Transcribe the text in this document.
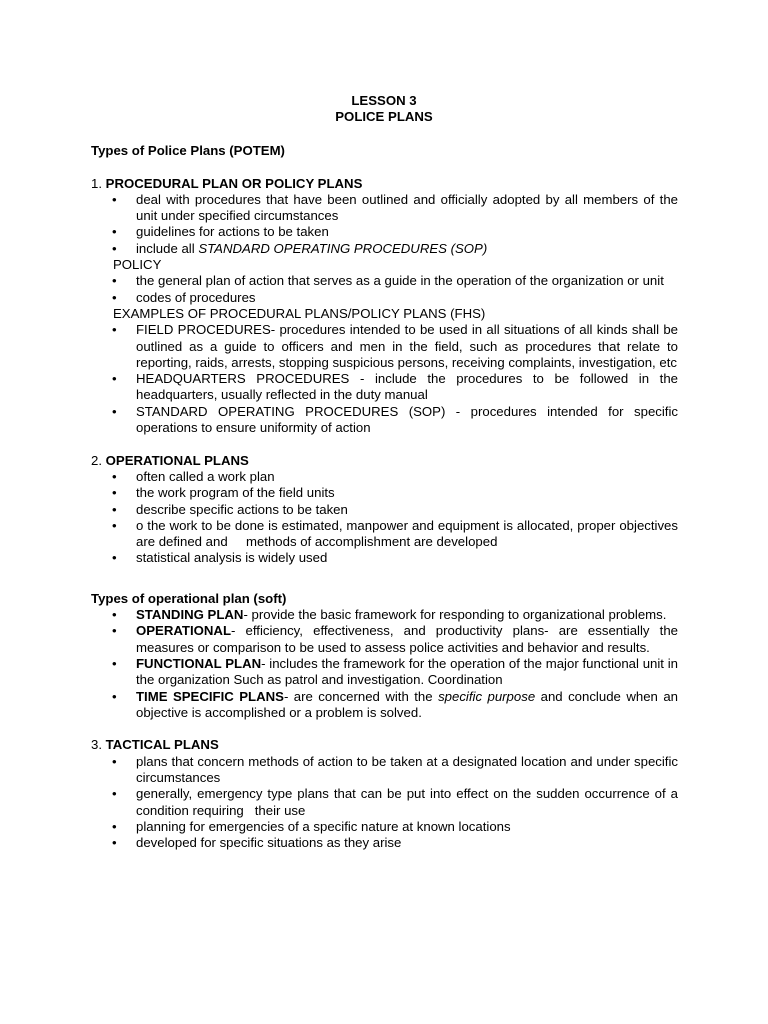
LESSON 3
POLICE PLANS
Types of Police Plans (POTEM)
1. PROCEDURAL PLAN OR POLICY PLANS
• deal with procedures that have been outlined and officially adopted by all members of the unit under specified circumstances
• guidelines for actions to be taken
• include all STANDARD OPERATING PROCEDURES (SOP)
POLICY
• the general plan of action that serves as a guide in the operation of the organization or unit
• codes of procedures
EXAMPLES OF PROCEDURAL PLANS/POLICY PLANS (FHS)
• FIELD PROCEDURES- procedures intended to be used in all situations of all kinds shall be outlined as a guide to officers and men in the field, such as procedures that relate to reporting, raids, arrests, stopping suspicious persons, receiving complaints, investigation, etc
• HEADQUARTERS PROCEDURES - include the procedures to be followed in the headquarters, usually reflected in the duty manual
• STANDARD OPERATING PROCEDURES (SOP) - procedures intended for specific operations to ensure uniformity of action
2. OPERATIONAL PLANS
• often called a work plan
• the work program of the field units
• describe specific actions to be taken
• o the work to be done is estimated, manpower and equipment is allocated, proper objectives are defined and     methods of accomplishment are developed
• statistical analysis is widely used
Types of operational plan (soft)
• STANDING PLAN- provide the basic framework for responding to organizational problems.
• OPERATIONAL- efficiency, effectiveness, and productivity plans- are essentially the measures or comparison to be used to assess police activities and behavior and results.
• FUNCTIONAL PLAN- includes the framework for the operation of the major functional unit in the organization Such as patrol and investigation. Coordination
• TIME SPECIFIC PLANS- are concerned with the specific purpose and conclude when an objective is accomplished or a problem is solved.
3. TACTICAL PLANS
• plans that concern methods of action to be taken at a designated location and under specific circumstances
• generally, emergency type plans that can be put into effect on the sudden occurrence of a condition requiring   their use
• planning for emergencies of a specific nature at known locations
• developed for specific situations as they arise
